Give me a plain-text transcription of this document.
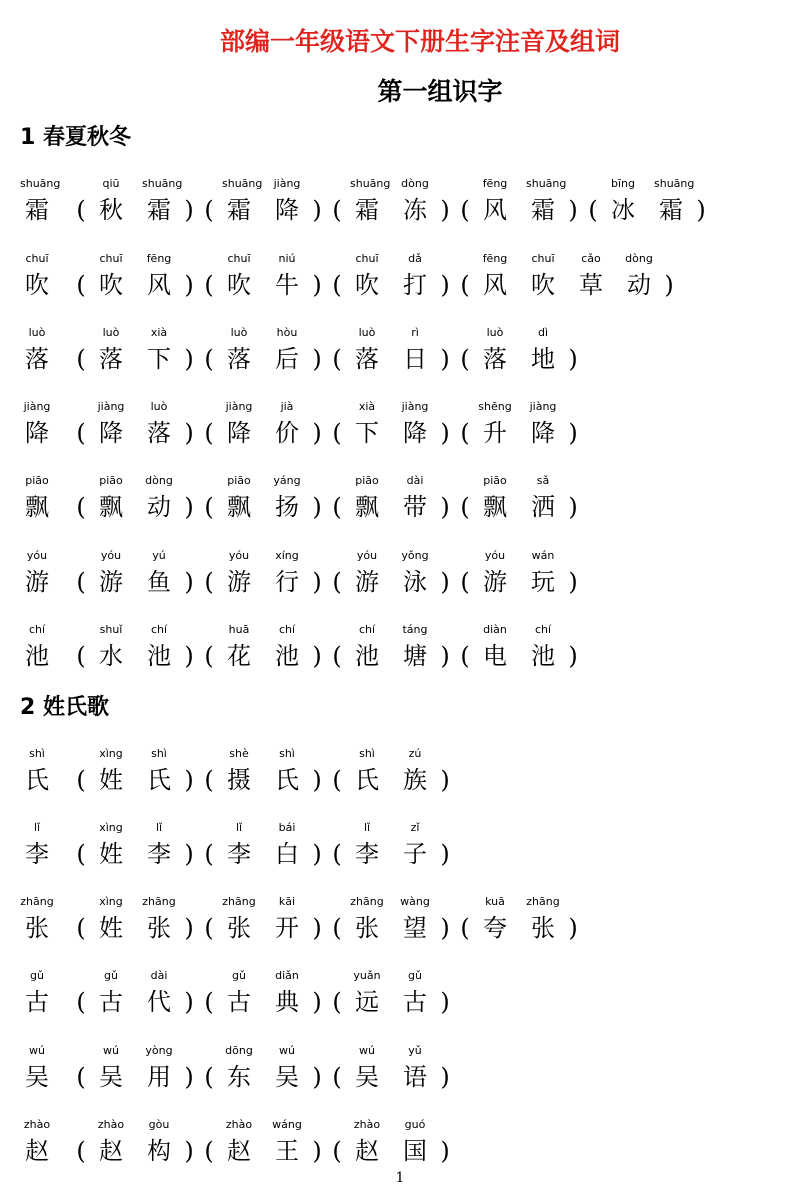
部编一年级语文下册生字注音及组词
第一组识字
1 春夏秋冬
shuāng
霜 (
qiū
秋
shuāng
霜 ) (
shuāng
霜
jiàng
降 ) (
shuāng
霜
dòng
冻 ) (
fēng
风
shuāng
霜 ) (
bīng
冰
shuāng
霜 )
chuī
吹 (
chuī
吹
fēng
风 ) (
chuī
吹
niú
牛 ) (
chuī
吹
dǎ
打 ) (
fēng
风
chuī
吹
cǎo
草
dòng
动 )
luò
落 (
luò
落
xià
下 ) (
luò
落
hòu
后 ) (
luò
落
rì
日 ) (
luò
落
dì
地 )
jiàng
降 (
jiàng
降
luò
落 ) (
jiàng
降
jià
价 ) (
xià
下
jiàng
降 ) (
shēng
升
jiàng
降 )
piāo
飘 (
piāo
飘
dòng
动 ) (
piāo
飘
yáng
扬 ) (
piāo
飘
dài
带 ) (
piāo
飘
sǎ
洒 )
yóu
游 (
yóu
游
yú
鱼 ) (
yóu
游
xíng
行 ) (
yóu
游
yǒng
泳 ) (
yóu
游
wán
玩 )
chí
池 (
shuǐ
水
chí
池 ) (
huā
花
chí
池 ) (
chí
池
táng
塘 ) (
diàn
电
chí
池 )
2 姓氏歌
shì
氏 (
xìng
姓
shì
氏 ) (
shè
摄
shì
氏 ) (
shì
氏
zú
族 )
lǐ
李 (
xìng
姓
lǐ
李 ) (
lǐ
李
bái
白 ) (
lǐ
李
zǐ
子 )
zhāng
张 (
xìng
姓
zhāng
张 ) (
zhāng
张
kāi
开 ) (
zhāng
张
wàng
望 ) (
kuā
夸
zhāng
张 )
gǔ
古 (
gǔ
古
dài
代 ) (
gǔ
古
diǎn
典 ) (
yuǎn
远
gǔ
古 )
wú
吴 (
wú
吴
yòng
用 ) (
dōng
东
wú
吴 ) (
wú
吴
yǔ
语 )
zhào
赵 (
zhào
赵
gòu
构 ) (
zhào
赵
wáng
王 ) (
zhào
赵
guó
国 )
1
